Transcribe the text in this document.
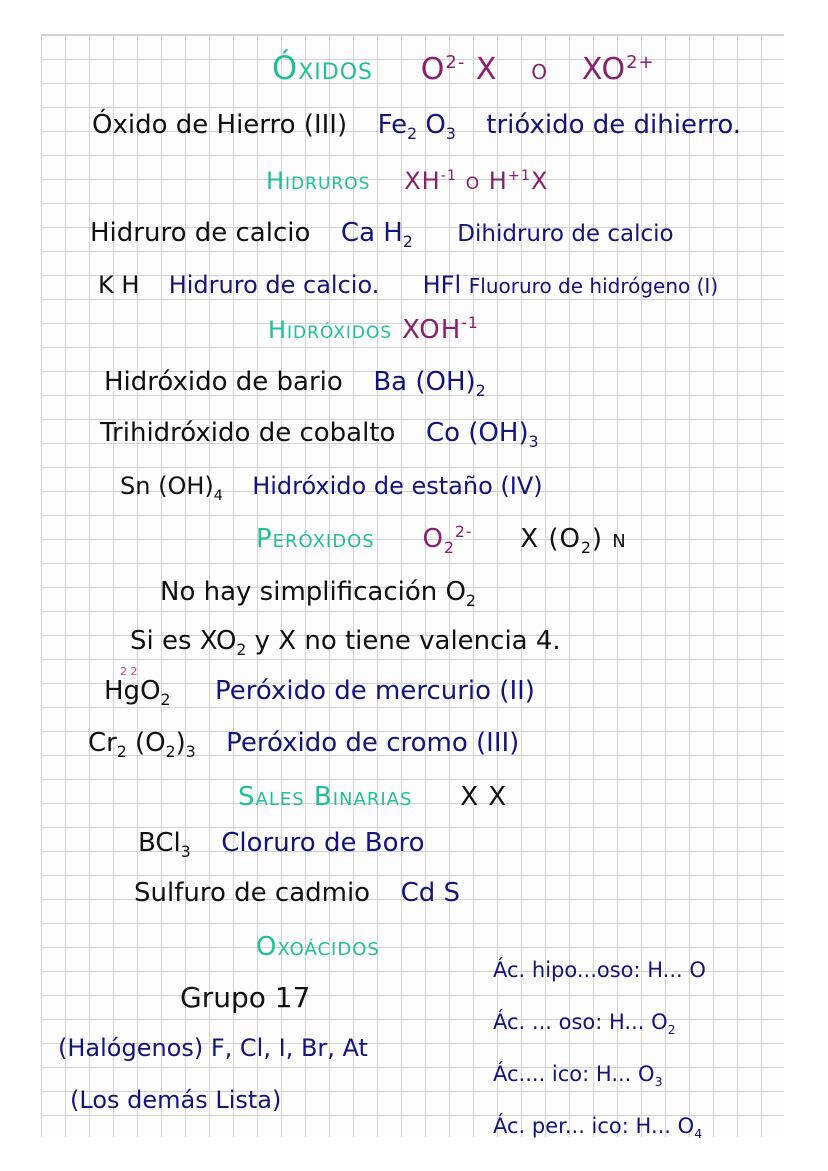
Óxidos $O^{2-}$ X o $XO^{2+}$
Óxido de Hierro (III) $Fe_2$ $O_3$ trióxido de dihierro.
Hidruros $XH^{-1}$ o $H^{+1}X$
Hidruro de calcio Ca $H_2$ Dihidruro de calcio
K H Hidruro de calcio. HFl Fluoruro de hidrógeno (I)
Hidróxidos $XOH^{-1}$
Hidróxido de bario Ba $(OH)_2$
Trihidróxido de cobalto Co $(OH)_3$
Sn $(OH)_4$ Hidróxido de estaño (IV)
Peróxidos $O_2^{2-}$ X $(O_2)$ n
No hay simplificación $O_2$
Si es $XO_2$ y X no tiene valencia 4.
2 2
HgO$_2$ Peróxido de mercurio (II)
$Cr_2$ $(O_2)_3$ Peróxido de cromo (III)
Sales Binarias X X
BCl$_3$ Cloruro de Boro
Sulfuro de cadmio Cd S
Oxoácidos
Grupo 17
(Halógenos) F, Cl, I, Br, At
(Los demás Lista)
Ác. hipo...oso: H... O
Ác. ... oso: H... $O_2$
Ác.... ico: H... $O_3$
Ác. per... ico: H... $O_4$
